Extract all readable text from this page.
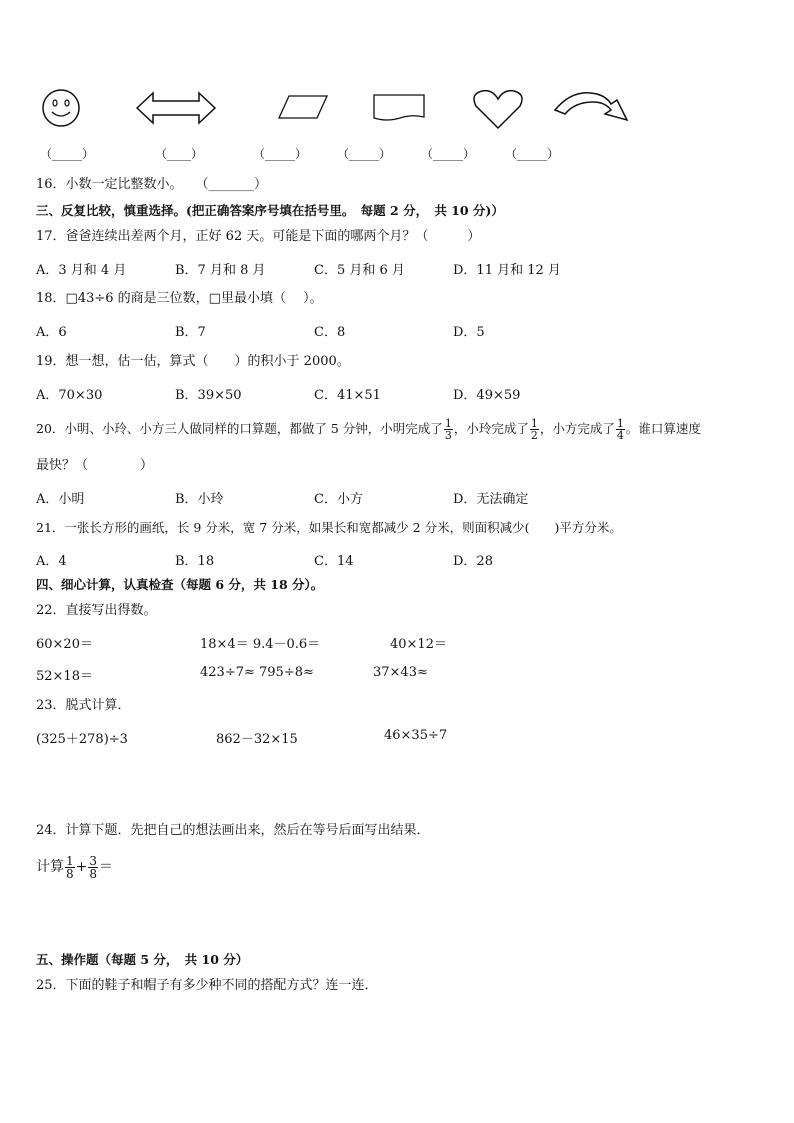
（_____）	（____）	（_____） （_____） （_____） （_____）
16．小数一定比整数小。　　（_______）
三、反复比较，慎重选择。(把正确答案序号填在括号里。　每题 2 分，　共 10 分)）
17．爸爸连续出差两个月，正好 62 天。可能是下面的哪两个月？（　　　）
A．3 月和 4 月	B．7 月和 8 月	C．5 月和 6 月	D．11 月和 12 月
18．□43÷6 的商是三位数，□里最小填（　 ）。
A．6	B．7	C．8	D．5
19．想一想，估一估，算式（　　）的积小于 2000。
A．70×30	B．39×50	C．41×51	D．49×59
20．小明、小玲、小方三人做同样的口算题，都做了 5 分钟，小明完成了 $\frac{1}{3}$ ，小玲完成了 $\frac{1}{2}$ ，小方完成了 $\frac{1}{4}$ 。谁口算速度
最快？（　　　　）
A．小明	B．小玲	C．小方	D．无法确定
21．一张长方形的画纸，长 9 分米，宽 7 分米，如果长和宽都减少 2 分米，则面积减少(　　)平方分米。
A．4	B．18	C．14	D．28
四、细心计算，认真检查（每题 6 分，共 18 分）。
22．直接写出得数。
60×20＝	18×4＝ 9.4－0.6＝	40×12＝
52×18＝	423÷7≈ 795÷8≈	37×43≈
23．脱式计算．
(325＋278)÷3	862－32×15	46×35÷7
24．计算下题．先把自己的想法画出来，然后在等号后面写出结果．
计算 $\frac{1}{8} + \frac{3}{8}$ ＝
五、操作题（每题 5 分，　共 10 分）
25．下面的鞋子和帽子有多少种不同的搭配方式？连一连．
